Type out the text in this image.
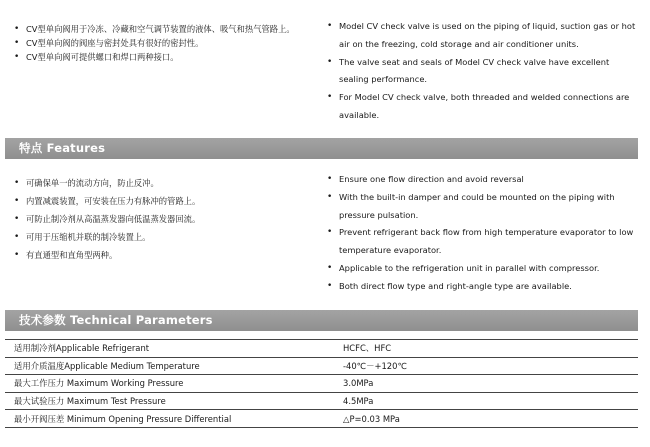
• CV型单向阀用于冷冻、冷藏和空气调节装置的液体、吸气和热气管路上。
• CV型单向阀的阀座与密封处具有很好的密封性。
• CV型单向阀可提供螺口和焊口两种接口。
• Model CV check valve is used on the piping of liquid, suction gas or hot air on the freezing, cold storage and air conditioner units.
• The valve seat and seals of Model CV check valve have excellent sealing performance.
• For Model CV check valve, both threaded and welded connections are available.
特点 Features
• 可确保单一的流动方向，防止反冲。
• 内置减震装置，可安装在压力有脉冲的管路上。
• 可防止制冷剂从高温蒸发器向低温蒸发器回流。
• 可用于压缩机并联的制冷装置上。
• 有直通型和直角型两种。
• Ensure one flow direction and avoid reversal
• With the built-in damper and could be mounted on the piping with pressure pulsation.
• Prevent refrigerant back flow from high temperature evaporator to low temperature evaporator.
• Applicable to the refrigeration unit in parallel with compressor.
• Both direct flow type and right-angle type are available.
技术参数 Technical Parameters
适用制冷剂Applicable Refrigerant	HCFC、HFC
适用介质温度Applicable Medium Temperature	-40℃－+120℃
最大工作压力 Maximum Working Pressure	3.0MPa
最大试验压力 Maximum Test Pressure	4.5MPa
最小开阀压差 Minimum Opening Pressure Differential	△P=0.03 MPa
